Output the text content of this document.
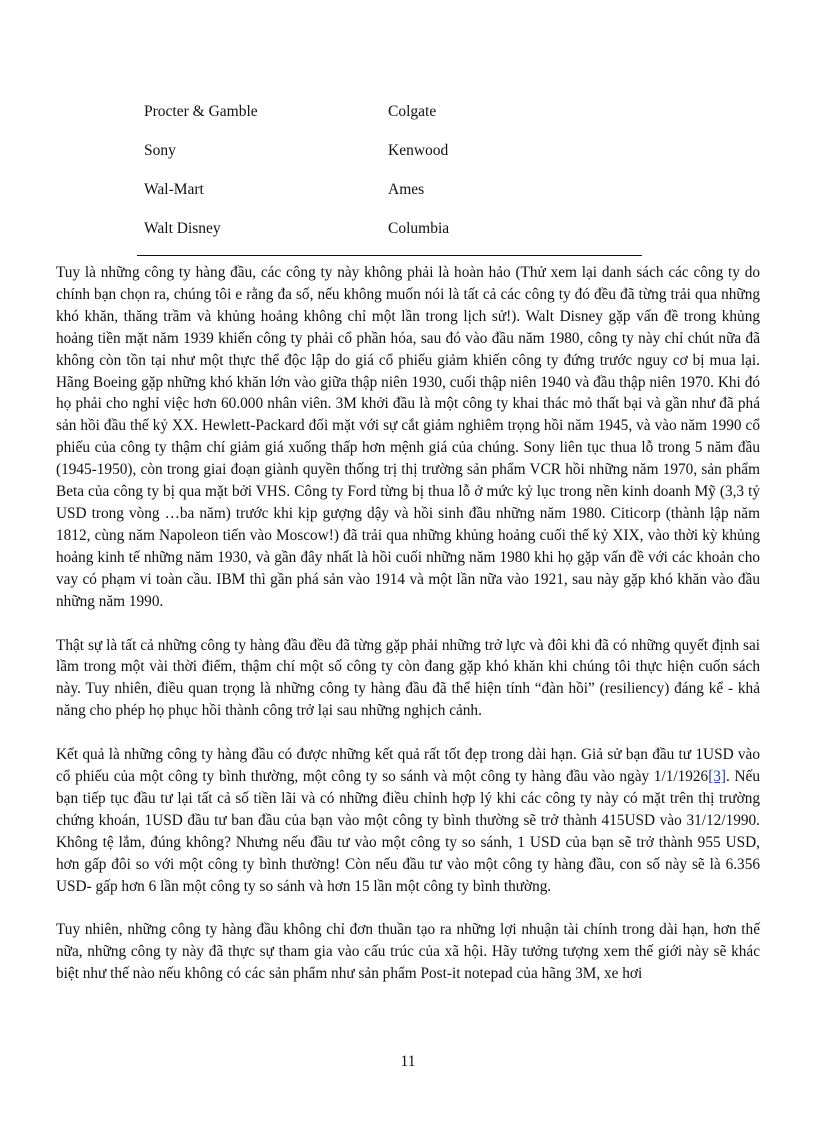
Procter & Gamble	Colgate
Sony	Kenwood
Wal-Mart	Ames
Walt Disney	Columbia

Tuy là những công ty hàng đầu, các công ty này không phải là hoàn hảo (Thử xem lại danh sách các công ty do chính bạn chọn ra, chúng tôi e rằng đa số, nếu không muốn nói là tất cả các công ty đó đều đã từng trải qua những khó khăn, thăng trầm và khủng hoảng không chỉ một lần trong lịch sử!). Walt Disney gặp vấn đề trong khủng hoảng tiền mặt năm 1939 khiến công ty phải cổ phần hóa, sau đó vào đầu năm 1980, công ty này chỉ chút nữa đã không còn tồn tại như một thực thể độc lập do giá cổ phiếu giảm khiến công ty đứng trước nguy cơ bị mua lại. Hãng Boeing gặp những khó khăn lớn vào giữa thập niên 1930, cuối thập niên 1940 và đầu thập niên 1970. Khi đó họ phải cho nghỉ việc hơn 60.000 nhân viên. 3M khởi đầu là một công ty khai thác mỏ thất bại và gần như đã phá sản hồi đầu thế kỷ XX. Hewlett-Packard đối mặt với sự cắt giảm nghiêm trọng hồi năm 1945, và vào năm 1990 cổ phiếu của công ty thậm chí giảm giá xuống thấp hơn mệnh giá của chúng. Sony liên tục thua lỗ trong 5 năm đầu (1945-1950), còn trong giai đoạn giành quyền thống trị thị trường sản phẩm VCR hồi những năm 1970, sản phẩm Beta của công ty bị qua mặt bởi VHS. Công ty Ford từng bị thua lỗ ở mức kỷ lục trong nền kinh doanh Mỹ (3,3 tỷ USD trong vòng …ba năm) trước khi kịp gượng dậy và hồi sinh đầu những năm 1980. Citicorp (thành lập năm 1812, cùng năm Napoleon tiến vào Moscow!) đã trải qua những khủng hoảng cuối thế kỷ XIX, vào thời kỳ khủng hoảng kinh tế những năm 1930, và gần đây nhất là hồi cuối những năm 1980 khi họ gặp vấn đề với các khoản cho vay có phạm vi toàn cầu. IBM thì gần phá sản vào 1914 và một lần nữa vào 1921, sau này gặp khó khăn vào đầu những năm 1990.

Thật sự là tất cả những công ty hàng đầu đều đã từng gặp phải những trở lực và đôi khi đã có những quyết định sai lầm trong một vài thời điểm, thậm chí một số công ty còn đang gặp khó khăn khi chúng tôi thực hiện cuốn sách này. Tuy nhiên, điều quan trọng là những công ty hàng đầu đã thể hiện tính “đàn hồi” (resiliency) đáng kể - khả năng cho phép họ phục hồi thành công trở lại sau những nghịch cảnh.

Kết quả là những công ty hàng đầu có được những kết quả rất tốt đẹp trong dài hạn. Giả sử bạn đầu tư 1USD vào cổ phiếu của một công ty bình thường, một công ty so sánh và một công ty hàng đầu vào ngày 1/1/1926[3]. Nếu bạn tiếp tục đầu tư lại tất cả số tiền lãi và có những điều chỉnh hợp lý khi các công ty này có mặt trên thị trường chứng khoán, 1USD đầu tư ban đầu của bạn vào một công ty bình thường sẽ trở thành 415USD vào 31/12/1990. Không tệ lắm, đúng không? Nhưng nếu đầu tư vào một công ty so sánh, 1 USD của bạn sẽ trở thành 955 USD, hơn gấp đôi so với một công ty bình thường! Còn nếu đầu tư vào một công ty hàng đầu, con số này sẽ là 6.356 USD- gấp hơn 6 lần một công ty so sánh và hơn 15 lần một công ty bình thường.

Tuy nhiên, những công ty hàng đầu không chỉ đơn thuần tạo ra những lợi nhuận tài chính trong dài hạn, hơn thế nữa, những công ty này đã thực sự tham gia vào cấu trúc của xã hội. Hãy tưởng tượng xem thế giới này sẽ khác biệt như thế nào nếu không có các sản phẩm như sản phẩm Post-it notepad của hãng 3M, xe hơi

11
